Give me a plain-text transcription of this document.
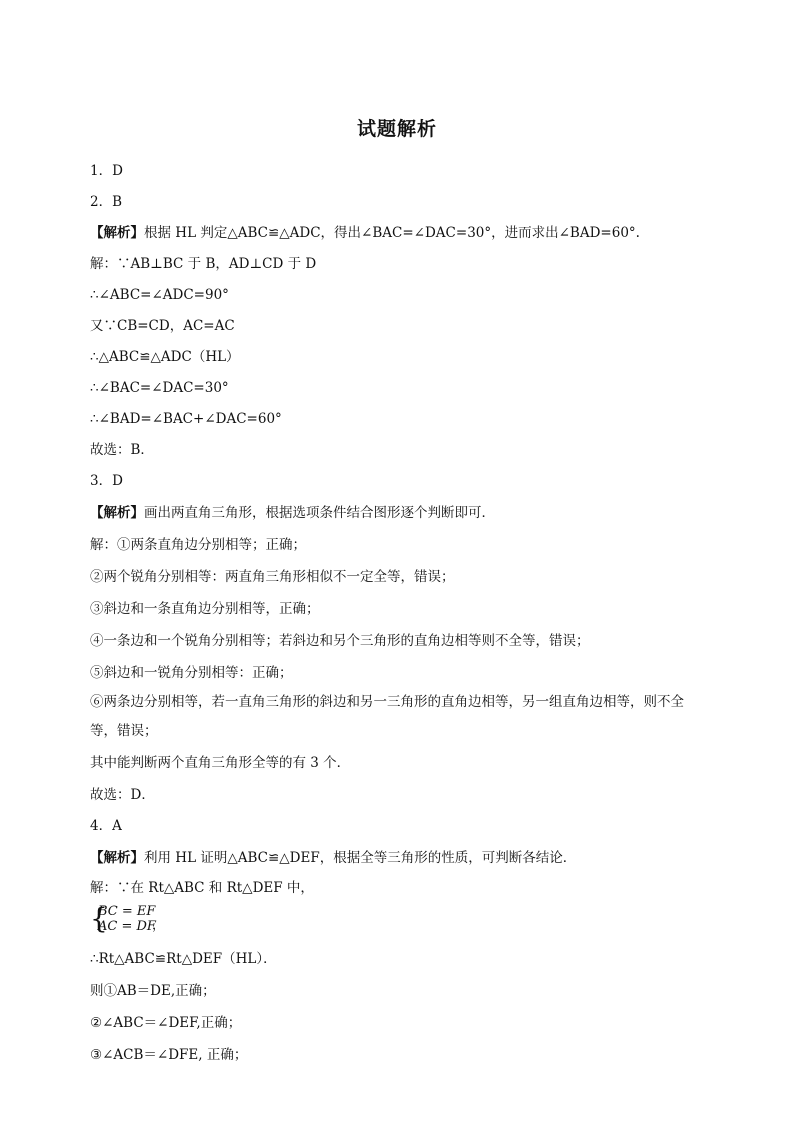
试题解析
1．D
2．B
【解析】根据 HL 判定△ABC≌△ADC，得出∠BAC=∠DAC=30°，进而求出∠BAD=60°.
解：∵AB⊥BC 于 B，AD⊥CD 于 D
∴∠ABC=∠ADC=90°
又∵CB=CD，AC=AC
∴△ABC≌△ADC（HL）
∴∠BAC=∠DAC=30°
∴∠BAD=∠BAC+∠DAC=60°
故选：B．
3．D
【解析】画出两直角三角形，根据选项条件结合图形逐个判断即可．
解：①两条直角边分别相等；正确；
②两个锐角分别相等：两直角三角形相似不一定全等，错误；
③斜边和一条直角边分别相等，正确；
④一条边和一个锐角分别相等；若斜边和另个三角形的直角边相等则不全等，错误；
⑤斜边和一锐角分别相等：正确；
⑥两条边分别相等，若一直角三角形的斜边和另一三角形的直角边相等，另一组直角边相等，则不全
等，错误；
其中能判断两个直角三角形全等的有 3 个．
故选：D．
4．A
【解析】利用 HL 证明△ABC≌△DEF，根据全等三角形的性质，可判断各结论．
解：∵在 Rt△ABC 和 Rt△DEF 中，
{
BC = EF
AC = DF
，
∴Rt△ABC≌Rt△DEF（HL）．
则①AB＝DE,正确；
②∠ABC＝∠DEF,正确；
③∠ACB＝∠DFE, 正确；
